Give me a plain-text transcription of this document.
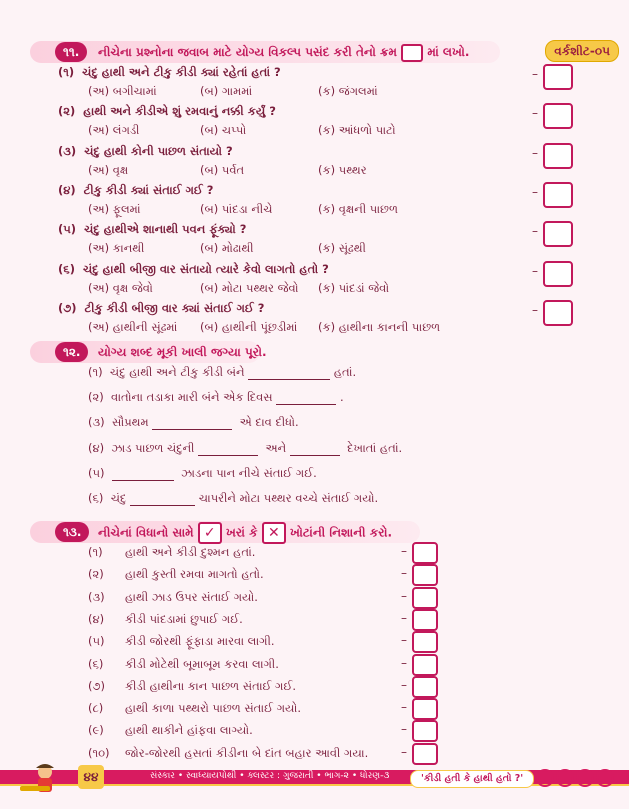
૧૧.	નીચેના પ્રશ્નોના જવાબ માટે યોગ્ય વિકલ્પ પસંદ કરી તેનો ક્રમ	માં લખો.	વર્કશીટ-૦૫
(૧) ચંદુ હાથી અને ટીકુ કીડી ક્યાં રહેતાં હતાં ?
(અ) બગીચામાં	(બ) ગામમાં	(ક) જંગલમાં
–
(૨) હાથી અને કીડીએ શું રમવાનું નક્કી કર્યું ?
(અ) લંગડી	(બ) ચપ્પો	(ક) આંધળો પાટો
–
(૩) ચંદુ હાથી કોની પાછળ સંતાયો ?
(અ) વૃક્ષ	(બ) પર્વત	(ક) પથ્થર
–
(૪) ટીકુ કીડી ક્યાં સંતાઈ ગઈ ?
(અ) ફૂલમાં	(બ) પાંદડા નીચે	(ક) વૃક્ષની પાછળ
–
(૫) ચંદુ હાથીએ શાનાથી પવન ફૂંક્યો ?
(અ) કાનથી	(બ) મોઢાથી	(ક) સૂંઢથી
–
(૬) ચંદુ હાથી બીજી વાર સંતાયો ત્યારે કેવો લાગતો હતો ?
(અ) વૃક્ષ જેવો	(બ) મોટા પથ્થર જેવો (ક) પાંદડાં જેવો
–
(૭) ટીકુ કીડી બીજી વાર ક્યાં સંતાઈ ગઈ ?
(અ) હાથીની સૂંઢમાં (બ) હાથીની પૂંછડીમાં (ક) હાથીના કાનની પાછળ
–
૧૨.	યોગ્ય શબ્દ મૂકી ખાલી જગ્યા પૂરો.
(૧) ચંદુ હાથી અને ટીકુ કીડી બંને	હતાં.
(૨) વાતોના તડાકા મારી બંને એક દિવસ	.
(૩) સૌપ્રથમ	એ દાવ દીધો.
(૪) ઝાડ પાછળ ચંદુની	અને	દેખાતાં હતાં.
(૫)	ઝાડના પાન નીચે સંતાઈ ગઈ.
(૬) ચંદુ	ચાપરીને મોટા પથ્થર વચ્ચે સંતાઈ ગયો.
૧૩.	નીચેનાં વિધાનો સામે ✓ ખરાં કે ✕ ખોટાંની નિશાની કરો.
(૧) હાથી અને કીડી દુશ્મન હતાં.	–
(૨) હાથી કુસ્તી રમવા માગતો હતો.	–
(૩) હાથી ઝાડ ઉપર સંતાઈ ગયો.	–
(૪) કીડી પાંદડામાં છુપાઈ ગઈ.	–
(૫) કીડી જોરથી ફૂંફાડા મારવા લાગી.	–
(૬) કીડી મોટેથી બૂમાબૂમ કરવા લાગી.	–
(૭) કીડી હાથીના કાન પાછળ સંતાઈ ગઈ.	–
(૮) હાથી કાળા પથ્થરો પાછળ સંતાઈ ગયો.	–
(૯) હાથી થાકીને હાંફવા લાગ્યો.	–
(૧૦) જોર-જોરથી હસતાં કીડીના બે દાંત બહાર આવી ગયા.	–
૪૪	સંસ્કાર • સ્વાધ્યાયપોથી • ક્લસ્ટર : ગુજરાતી • ભાગ-૨ • ધોરણ-૩	'કીડી હતી કે હાથી હતો ?'
